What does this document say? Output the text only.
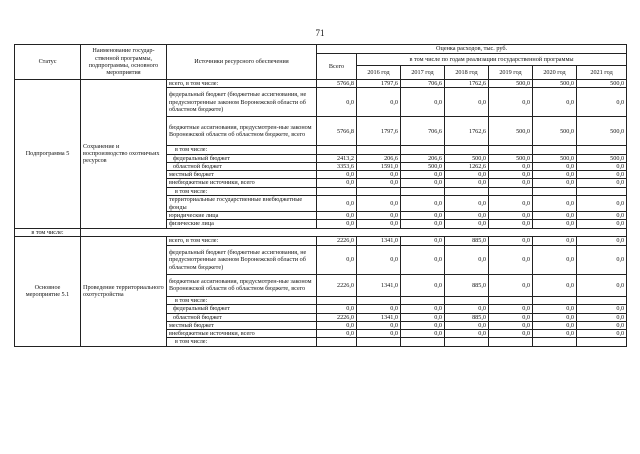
71
Статус	Наименование государ-ственной программы, подпрограммы, основного мероприятия	Источники ресурсного обеспечения	Оценка расходов, тыс. руб.						
			Всего	в том числе по годам реализации государственной программы					
				2016 год	2017 год	2018 год	2019 год	2020 год	2021 год
Подпрограмма 5	Сохранение и воспроизводство охотничьих ресурсов	всего, в том числе:	5766,8	1797,6	706,6	1762,6	500,0	500,0	500,0
		федеральный бюджет (бюджетные ассигнования, не предусмотренные законом Воронежской области об областном бюджете)	0,0	0,0	0,0	0,0	0,0	0,0	0,0
		бюджетные ассигнования, предусмотрен-ные законом Воронежской области об областном бюджете, всего	5766,8	1797,6	706,6	1762,6	500,0	500,0	500,0
		в том числе:							
		федеральный бюджет	2413,2	206,6	206,6	500,0	500,0	500,0	500,0
		областной бюджет	3353,6	1591,0	500,0	1262,6	0,0	0,0	0,0
		местный бюджет	0,0	0,0	0,0	0,0	0,0	0,0	0,0
		внебюджетные источники, всего	0,0	0,0	0,0	0,0	0,0	0,0	0,0
		в том числе:							
		территориальные государственные внебюджетные фонды	0,0	0,0	0,0	0,0	0,0	0,0	0,0
		юридические лица	0,0	0,0	0,0	0,0	0,0	0,0	0,0
		физические лица	0,0	0,0	0,0	0,0	0,0	0,0	0,0
в том числе:									
Основное мероприятие 5.1	Проведение территориального охотустройства	всего, в том числе:	2226,0	1341,0	0,0	885,0	0,0	0,0	0,0
		федеральный бюджет (бюджетные ассигнования, не предусмотренные законом Воронежской области об областном бюджете)	0,0	0,0	0,0	0,0	0,0	0,0	0,0
		бюджетные ассигнования, предусмотрен-ные законом Воронежской области об областном бюджете, всего	2226,0	1341,0	0,0	885,0	0,0	0,0	0,0
		в том числе:							
		федеральный бюджет	0,0	0,0	0,0	0,0	0,0	0,0	0,0
		областной бюджет	2226,0	1341,0	0,0	885,0	0,0	0,0	0,0
		местный бюджет	0,0	0,0	0,0	0,0	0,0	0,0	0,0
		внебюджетные источники, всего	0,0	0,0	0,0	0,0	0,0	0,0	0,0
		в том числе:							
